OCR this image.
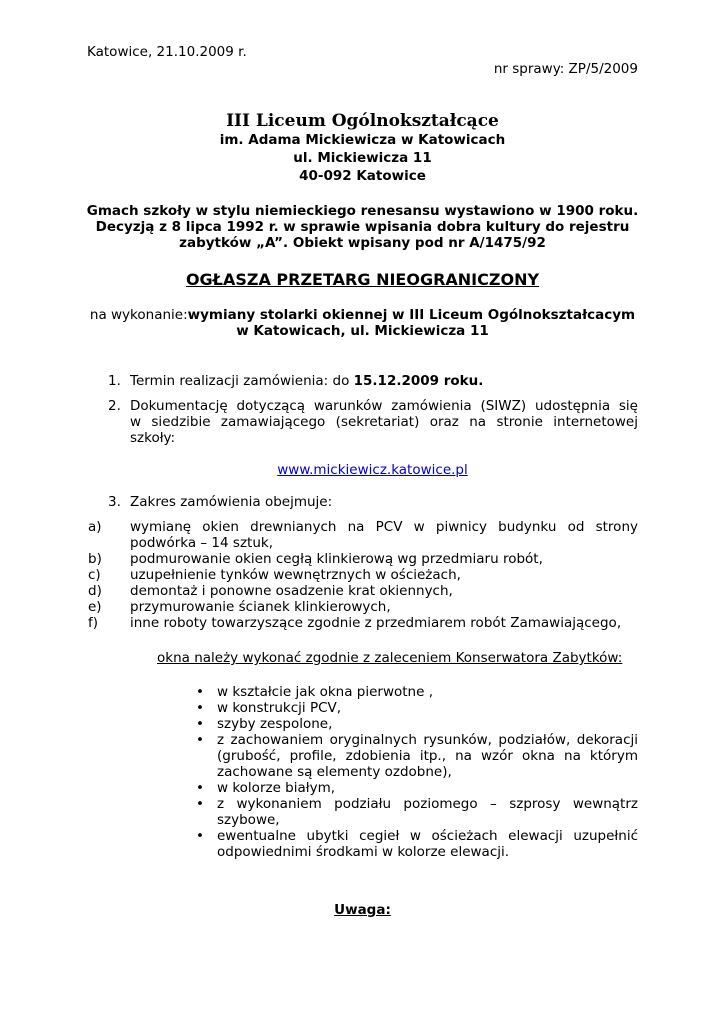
Katowice, 21.10.2009 r.
nr sprawy: ZP/5/2009
III Liceum Ogólnokształcące
im. Adama Mickiewicza w Katowicach
ul. Mickiewicza 11
40-092 Katowice
Gmach szkoły w stylu niemieckiego renesansu wystawiono w 1900 roku.
Decyzją z 8 lipca 1992 r. w sprawie wpisania dobra kultury do rejestru
zabytków „A”. Obiekt wpisany pod nr A/1475/92
OGŁASZA PRZETARG NIEOGRANICZONY
na wykonanie:wymiany stolarki okiennej w III Liceum Ogólnokształcacym
w Katowicach, ul. Mickiewicza 11
1. Termin realizacji zamówienia: do 15.12.2009 roku.
2. Dokumentację dotyczącą warunków zamówienia (SIWZ) udostępnia się
w siedzibie zamawiającego (sekretariat) oraz na stronie internetowej
szkoły:
www.mickiewicz.katowice.pl
3. Zakres zamówienia obejmuje:
a) wymianę okien drewnianych na PCV w piwnicy budynku od strony
podwórka – 14 sztuk,
b) podmurowanie okien cegłą klinkierową wg przedmiaru robót,
c) uzupełnienie tynków wewnętrznych w ościeżach,
d) demontaż i ponowne osadzenie krat okiennych,
e) przymurowanie ścianek klinkierowych,
f) inne roboty towarzyszące zgodnie z przedmiarem robót Zamawiającego,
okna należy wykonać zgodnie z zaleceniem Konserwatora Zabytków:
• w kształcie jak okna pierwotne ,
• w konstrukcji PCV,
• szyby zespolone,
• z zachowaniem oryginalnych rysunków, podziałów, dekoracji
(grubość, profile, zdobienia itp., na wzór okna na którym
zachowane są elementy ozdobne),
• w kolorze białym,
• z wykonaniem podziału poziomego – szprosy wewnątrz
szybowe,
• ewentualne ubytki cegieł w ościeżach elewacji uzupełnić
odpowiednimi środkami w kolorze elewacji.
Uwaga:
